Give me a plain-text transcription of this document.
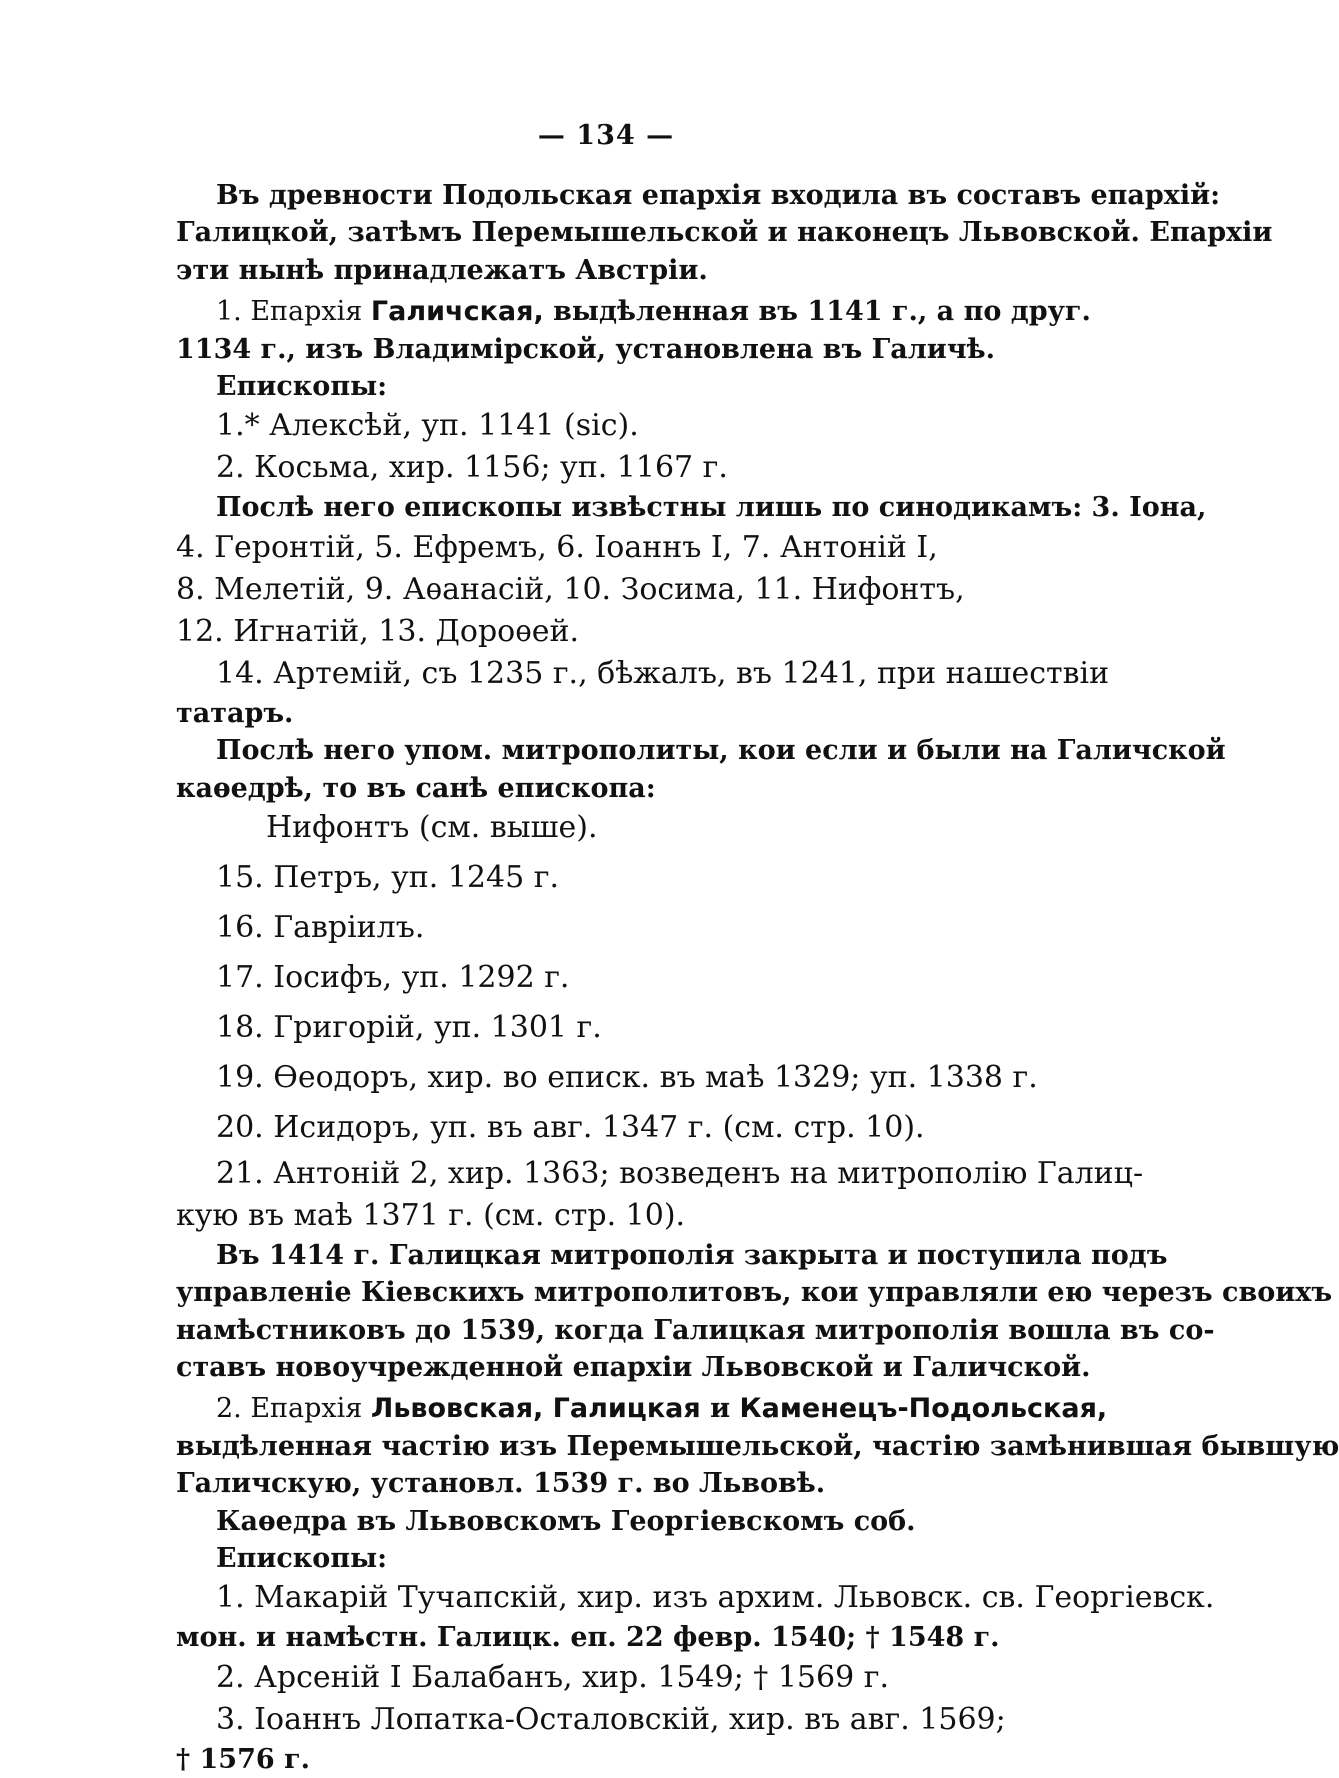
— 134 —
Въ древности Подольская епархія входила въ составъ епархій:
Галицкой, затѣмъ Перемышельской и наконецъ Львовской. Епархіи
эти нынѣ принадлежатъ Австріи.
1. Епархія Галичская, выдѣленная въ 1141 г., а по друг.
1134 г., изъ Владимірской, установлена въ Галичѣ.
Епископы:
1.* Алексѣй, уп. 1141 (sic).
2. Косьма, хир. 1156; уп. 1167 г.
Послѣ него епископы извѣстны лишь по синодикамъ: 3. Іона,
4. Геронтій, 5. Ефремъ, 6. Іоаннъ I, 7. Антоній I,
8. Мелетій, 9. Аѳанасій, 10. Зосима, 11. Нифонтъ,
12. Игнатій, 13. Дороѳей.
14. Артемій, съ 1235 г., бѣжалъ, въ 1241, при нашествіи
татаръ.
Послѣ него упом. митрополиты, кои если и были на Галичской
каѳедрѣ, то въ санѣ епископа:
Нифонтъ (см. выше).
15. Петръ, уп. 1245 г.
16. Гавріилъ.
17. Іосифъ, уп. 1292 г.
18. Григорій, уп. 1301 г.
19. Ѳеодоръ, хир. во епиcк. въ маѣ 1329; уп. 1338 г.
20. Исидоръ, уп. въ авг. 1347 г. (см. стр. 10).
21. Антоній 2, хир. 1363; возведенъ на митрополію Галиц-
кую въ маѣ 1371 г. (см. стр. 10).
Въ 1414 г. Галицкая митрополія закрыта и поступила подъ
управленіе Кіевскихъ митрополитовъ, кои управляли ею черезъ своихъ
намѣстниковъ до 1539, когда Галицкая митрополія вошла въ со-
ставъ новоучрежденной епархіи Львовской и Галичской.
2. Епархія Львовская, Галицкая и Каменецъ-Подольская,
выдѣленная частію изъ Перемышельской, частію замѣнившая бывшую
Галичскую, установл. 1539 г. во Львовѣ.
Каѳедра въ Львовскомъ Георгіевскомъ соб.
Епископы:
1. Макарій Тучапскій, хир. изъ архим. Львовск. св. Георгіевск.
мон. и намѣстн. Галицк. еп. 22 февр. 1540; † 1548 г.
2. Арсеній I Балабанъ, хир. 1549; † 1569 г.
3. Іоаннъ Лопатка-Осталовскій, хир. въ авг. 1569;
† 1576 г.
